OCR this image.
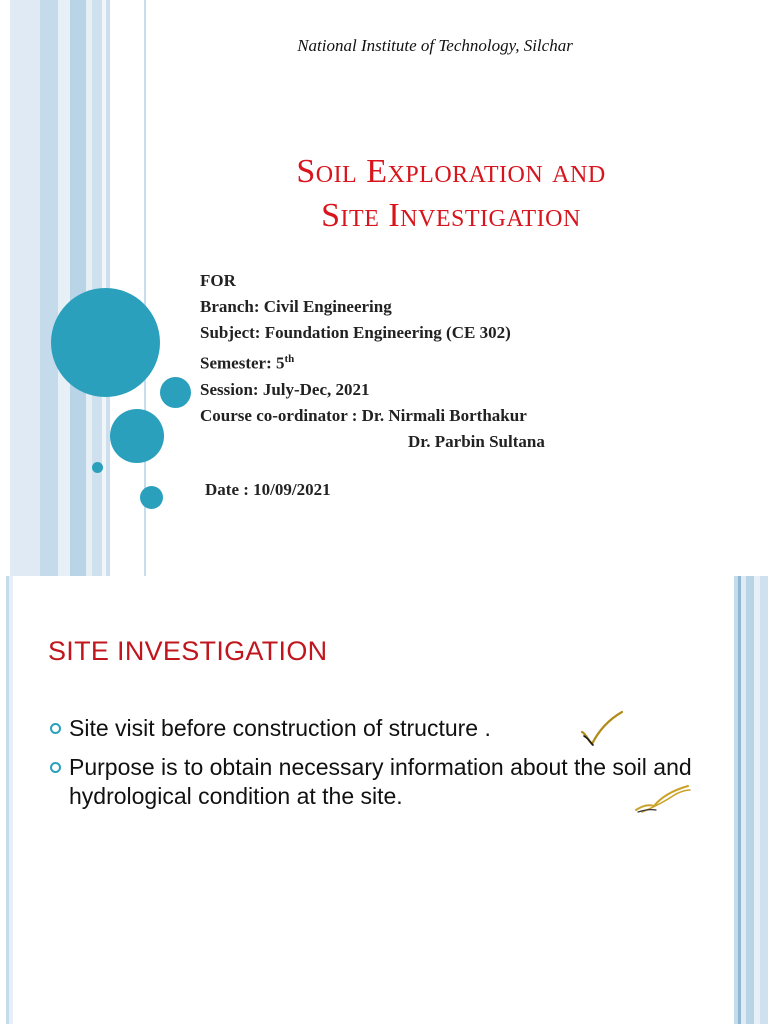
National Institute of Technology, Silchar
Soil Exploration and
Site Investigation
FOR
Branch: Civil Engineering
Subject: Foundation Engineering (CE 302)
Semester: 5th
Session: July-Dec, 2021
Course co-ordinator : Dr. Nirmali Borthakur
Dr. Parbin Sultana
Date : 10/09/2021
SITE INVESTIGATION
Site visit before construction of structure .
Purpose is to obtain necessary information about the soil and hydrological condition at the site.
